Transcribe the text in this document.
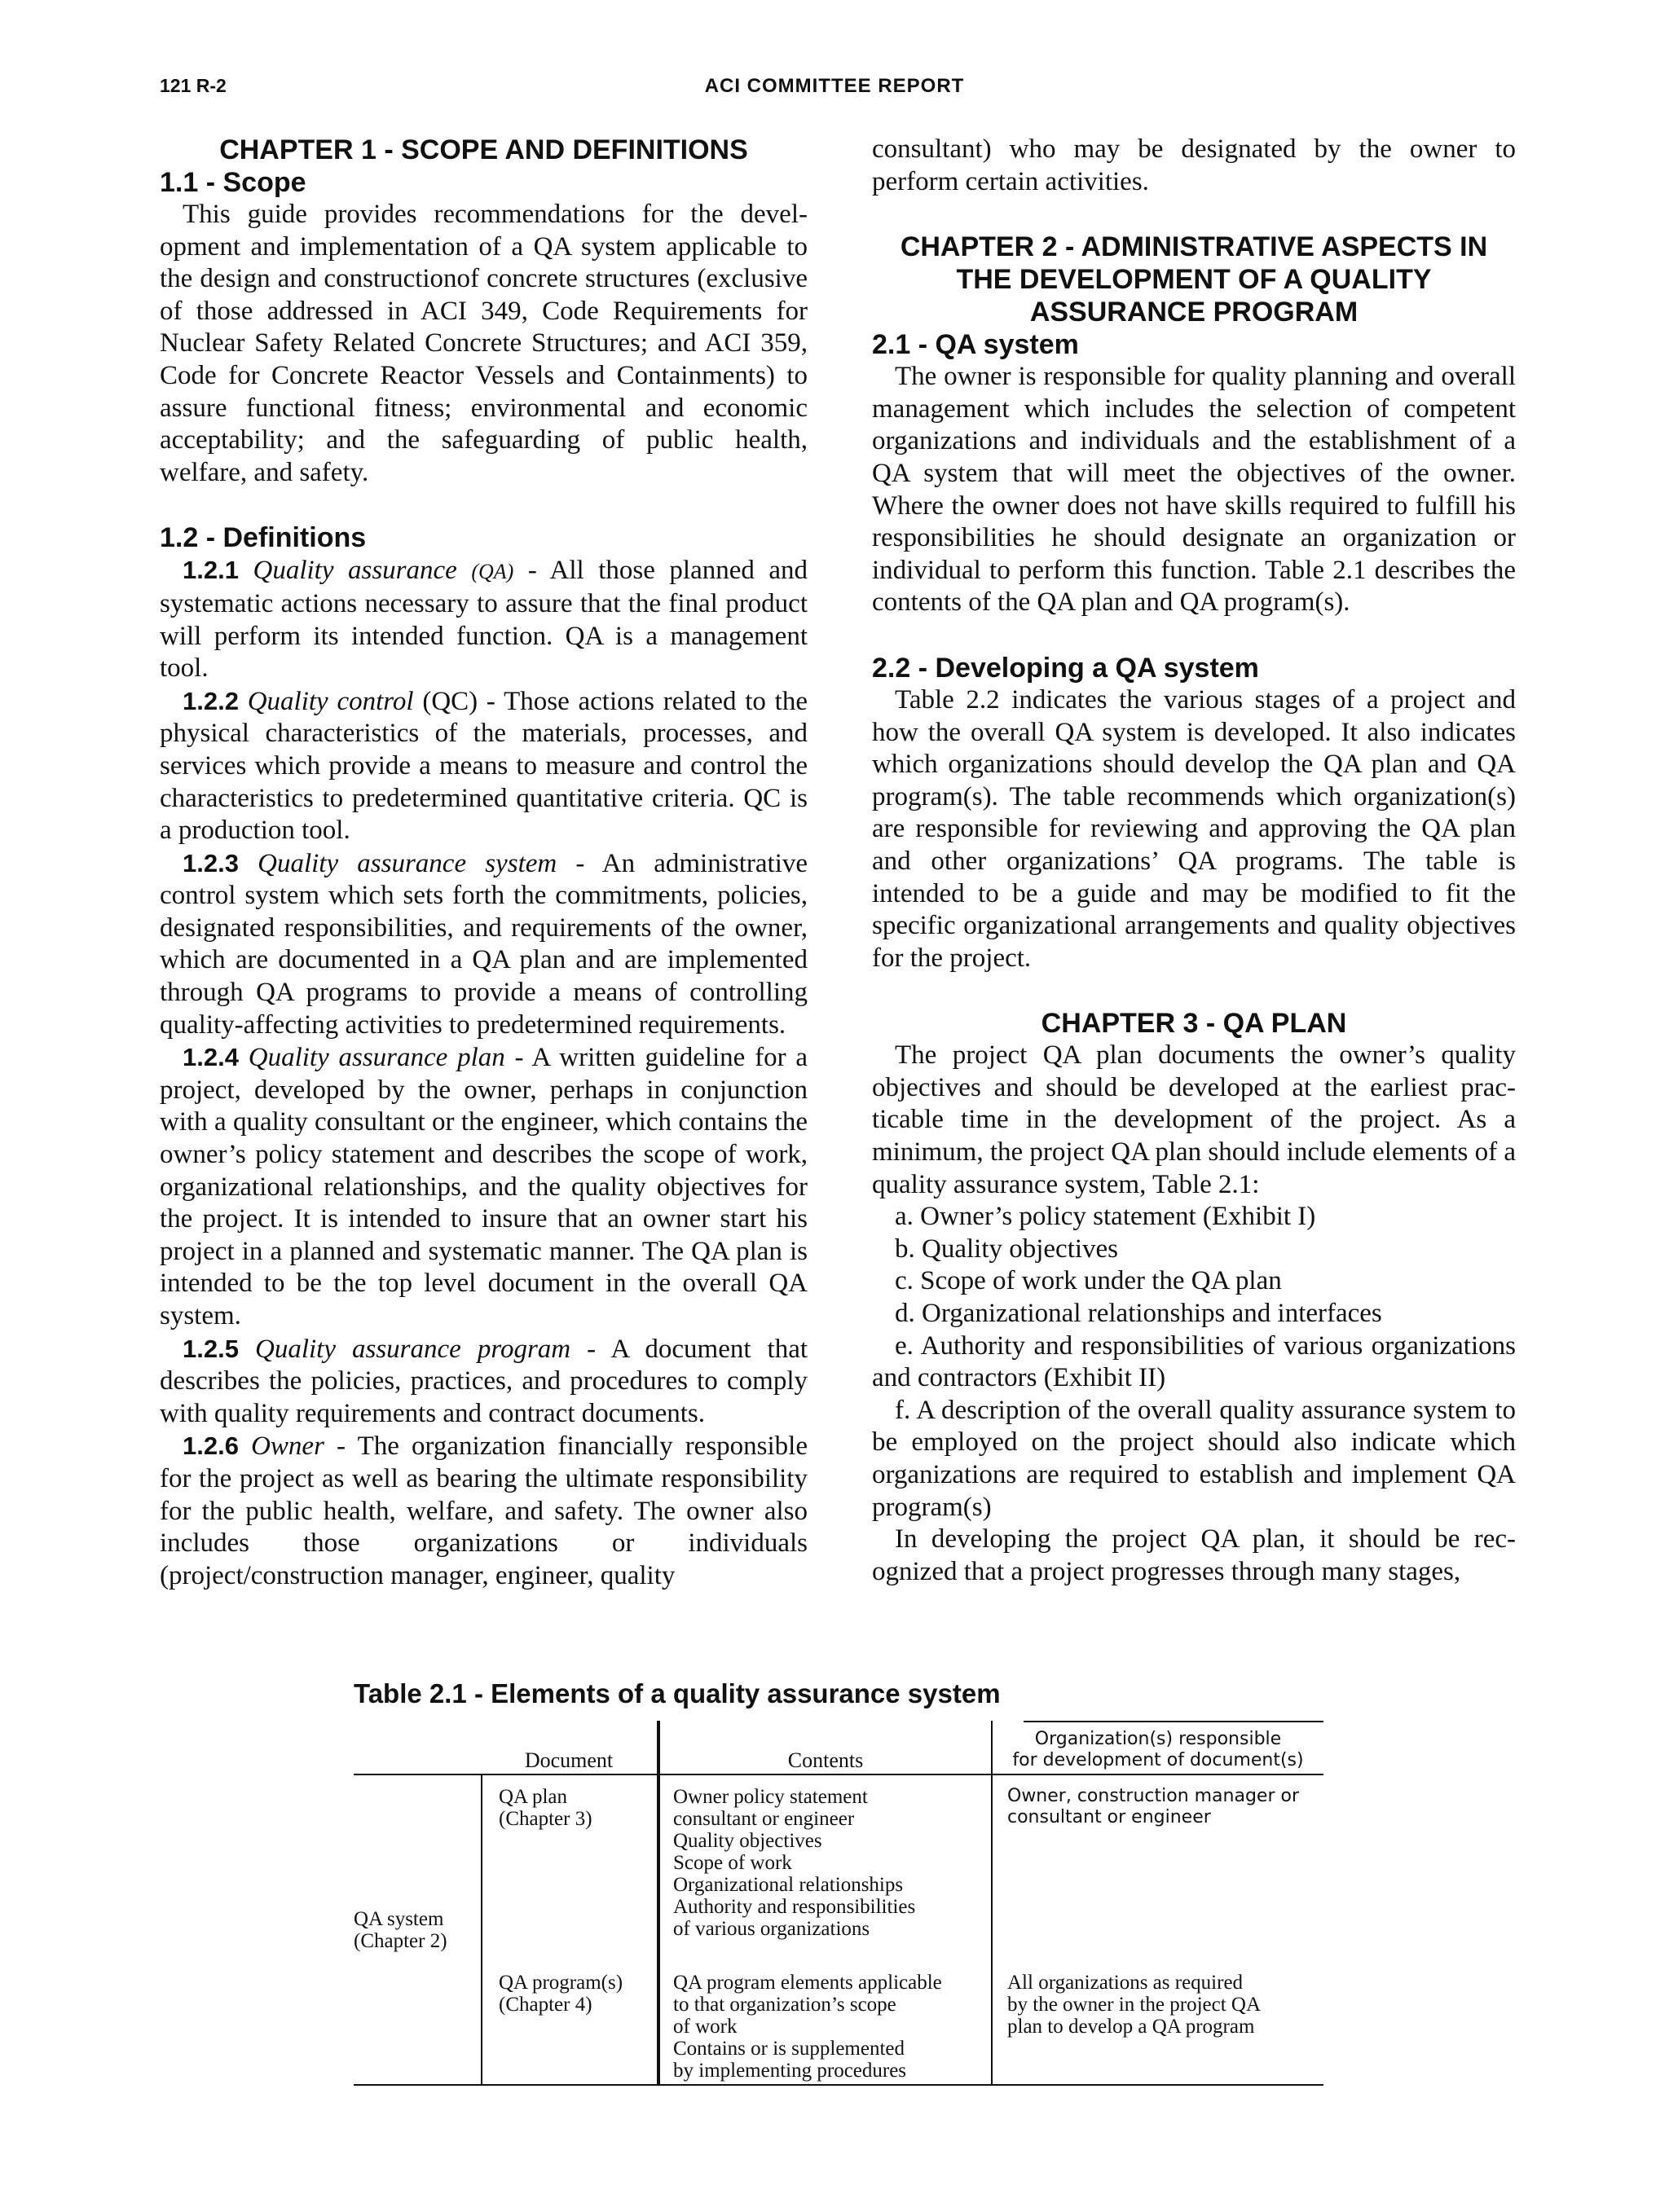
121 R-2	ACI COMMITTEE REPORT
CHAPTER 1 - SCOPE AND DEFINITIONS
1.1 - Scope

This guide provides recommendations for the development and implementation of a QA system applicable to the design and constructionof concrete structures (exclusive of those addressed in ACI 349, Code Requirements for Nuclear Safety Related Concrete Structures; and ACI 359, Code for Concrete Reactor Vessels and Containments) to assure functional fitness; environmental and economic acceptability; and the safeguarding of public health, welfare, and safety.

1.2 - Definitions

1.2.1 Quality assurance (QA) - All those planned and systematic actions necessary to assure that the final product will perform its intended function. QA is a management tool.

1.2.2 Quality control (QC) - Those actions related to the physical characteristics of the materials, processes, and services which provide a means to measure and control the characteristics to predetermined quantitative criteria. QC is a production tool.

1.2.3 Quality assurance system - An administrative control system which sets forth the commitments, policies, designated responsibilities, and requirements of the owner, which are documented in a QA plan and are implemented through QA programs to provide a means of controlling quality-affecting activities to predetermined requirements.

1.2.4 Quality assurance plan - A written guideline for a project, developed by the owner, perhaps in conjunction with a quality consultant or the engineer, which contains the owner’s policy statement and describes the scope of work, organizational relationships, and the quality objectives for the project. It is intended to insure that an owner start his project in a planned and systematic manner. The QA plan is intended to be the top level document in the overall QA system.

1.2.5 Quality assurance program - A document that describes the policies, practices, and procedures to comply with quality requirements and contract documents.

1.2.6 Owner - The organization financially responsible for the project as well as bearing the ultimate responsibility for the public health, welfare, and safety. The owner also includes those organizations or individuals (project/construction manager, engineer, quality

consultant) who may be designated by the owner to perform certain activities.

CHAPTER 2 - ADMINISTRATIVE ASPECTS IN THE DEVELOPMENT OF A QUALITY ASSURANCE PROGRAM
2.1 - QA system

The owner is responsible for quality planning and overall management which includes the selection of competent organizations and individuals and the establishment of a QA system that will meet the objectives of the owner. Where the owner does not have skills required to fulfill his responsibilities he should designate an organization or individual to perform this function. Table 2.1 describes the contents of the QA plan and QA program(s).

2.2 - Developing a QA system

Table 2.2 indicates the various stages of a project and how the overall QA system is developed. It also indicates which organizations should develop the QA plan and QA program(s). The table recommends which organization(s) are responsible for reviewing and approving the QA plan and other organizations’ QA programs. The table is intended to be a guide and may be modified to fit the specific organizational arrangements and quality objectives for the project.

CHAPTER 3 - QA PLAN

The project QA plan documents the owner’s quality objectives and should be developed at the earliest practicable time in the development of the project. As a minimum, the project QA plan should include elements of a quality assurance system, Table 2.1:

a. Owner’s policy statement (Exhibit I)

b. Quality objectives

c. Scope of work under the QA plan

d. Organizational relationships and interfaces

e. Authority and responsibilities of various organizations and contractors (Exhibit II)

f. A description of the overall quality assurance system to be employed on the project should also indicate which organizations are required to establish and implement QA program(s)

In developing the project QA plan, it should be recognized that a project progresses through many stages,

Table 2.1 - Elements of a quality assurance system
Document	Contents
Organization(s) responsible
for development of document(s)
QA system
(Chapter 2)
QA plan
(Chapter 3)
Owner policy statement
consultant or engineer
Quality objectives
Scope of work
Organizational relationships
Authority and responsibilities
of various organizations
Owner, construction manager or
consultant or engineer
QA program(s)
(Chapter 4)
QA program elements applicable
to that organization’s scope
of work
Contains or is supplemented
by implementing procedures
All organizations as required
by the owner in the project QA
plan to develop a QA program
